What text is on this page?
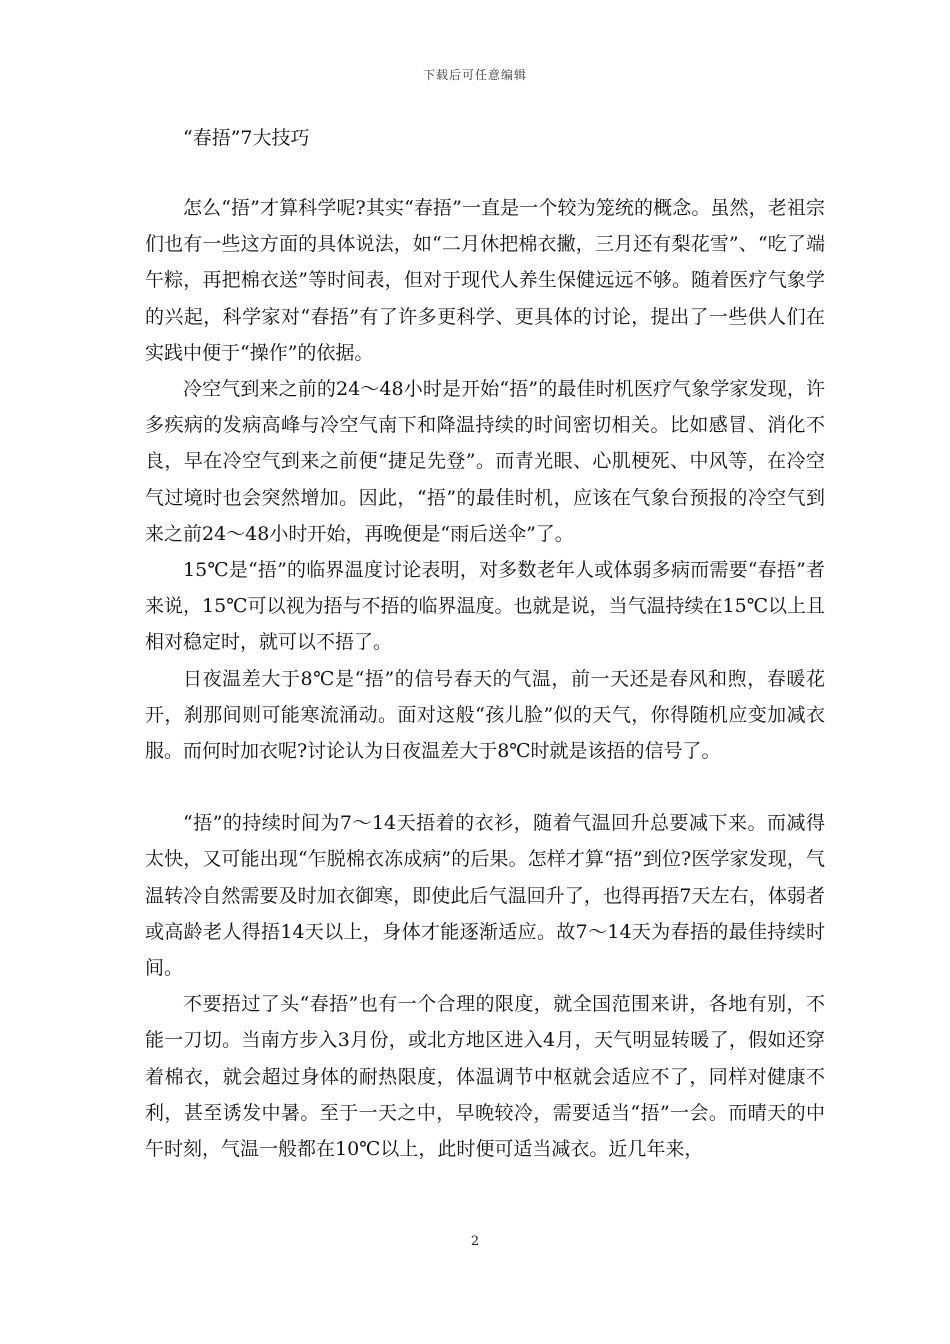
下载后可任意编辑
“春捂”7大技巧

怎么“捂”才算科学呢?其实“春捂”一直是一个较为笼统的概念。虽然，老祖宗们也有一些这方面的具体说法，如“二月休把棉衣撇，三月还有梨花雪”、“吃了端午粽，再把棉衣送”等时间表，但对于现代人养生保健远远不够。随着医疗气象学的兴起，科学家对“春捂”有了许多更科学、更具体的讨论，提出了一些供人们在实践中便于“操作”的依据。

冷空气到来之前的24～48小时是开始“捂”的最佳时机医疗气象学家发现，许多疾病的发病高峰与冷空气南下和降温持续的时间密切相关。比如感冒、消化不良，早在冷空气到来之前便“捷足先登”。而青光眼、心肌梗死、中风等，在冷空气过境时也会突然增加。因此，“捂”的最佳时机，应该在气象台预报的冷空气到来之前24～48小时开始，再晚便是“雨后送伞”了。

15℃是“捂”的临界温度讨论表明，对多数老年人或体弱多病而需要“春捂”者来说，15℃可以视为捂与不捂的临界温度。也就是说，当气温持续在15℃以上且相对稳定时，就可以不捂了。

日夜温差大于8℃是“捂”的信号春天的气温，前一天还是春风和煦，春暖花开，刹那间则可能寒流涌动。面对这般“孩儿脸”似的天气，你得随机应变加减衣服。而何时加衣呢?讨论认为日夜温差大于8℃时就是该捂的信号了。

“捂”的持续时间为7～14天捂着的衣衫，随着气温回升总要减下来。而减得太快，又可能出现“乍脱棉衣冻成病”的后果。怎样才算“捂”到位?医学家发现，气温转冷自然需要及时加衣御寒，即使此后气温回升了，也得再捂7天左右，体弱者或高龄老人得捂14天以上，身体才能逐渐适应。故7～14天为春捂的最佳持续时间。

不要捂过了头“春捂”也有一个合理的限度，就全国范围来讲，各地有别，不能一刀切。当南方步入3月份，或北方地区进入4月，天气明显转暖了，假如还穿着棉衣，就会超过身体的耐热限度，体温调节中枢就会适应不了，同样对健康不利，甚至诱发中暑。至于一天之中，早晚较冷，需要适当“捂”一会。而晴天的中午时刻，气温一般都在10℃以上，此时便可适当减衣。近几年来，

2
